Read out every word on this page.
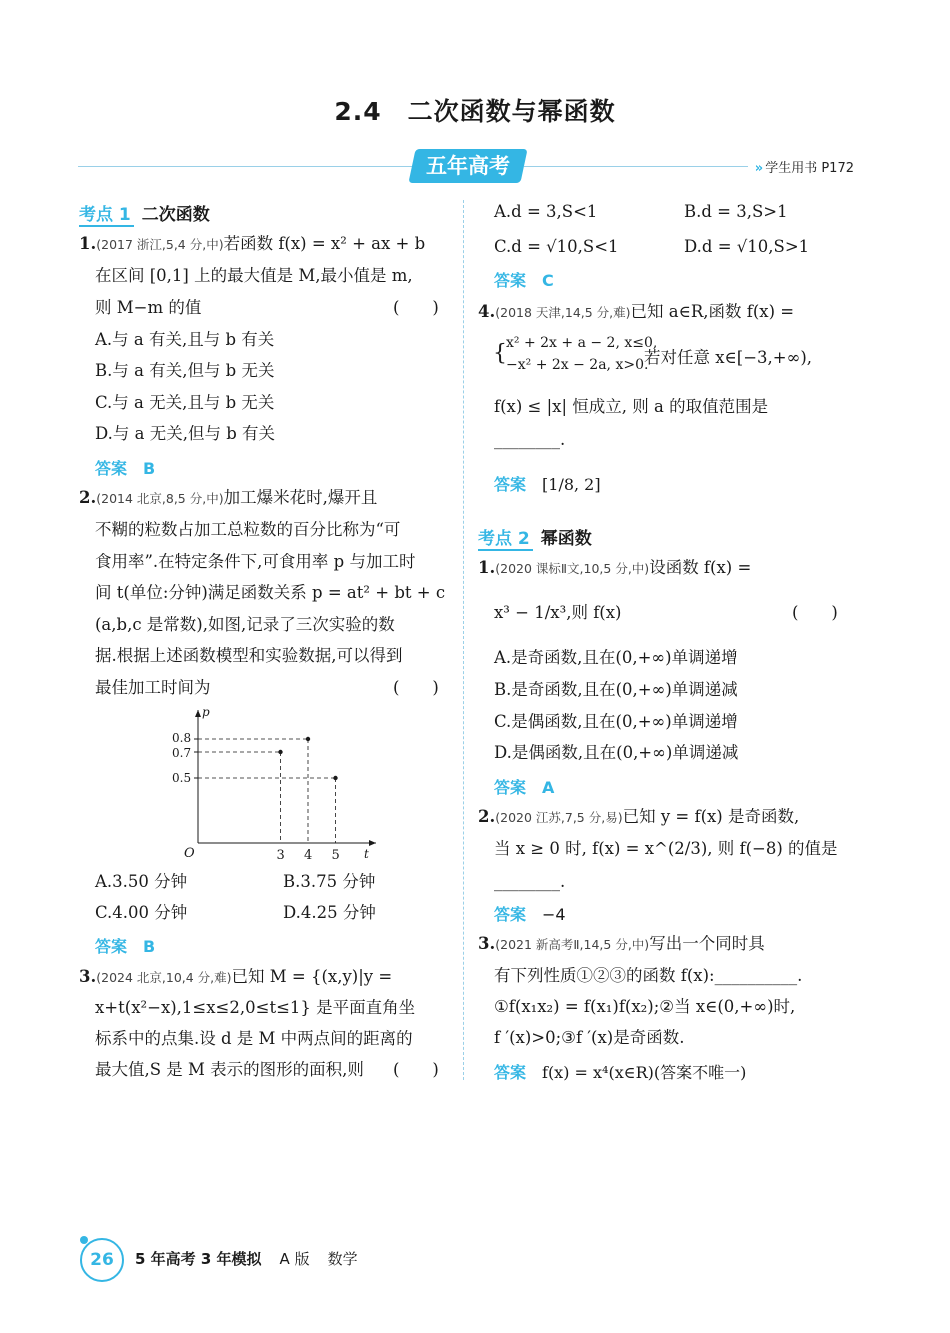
2.4　二次函数与幂函数
五年高考	» 学生用书 P172
考点 1 二次函数
1.(2017 浙江,5,4 分,中)若函数 f(x) = x² + ax + b
在区间 [0,1] 上的最大值是 M,最小值是 m,
则 M−m 的值	(　　)
A.与 a 有关,且与 b 有关
B.与 a 有关,但与 b 无关
C.与 a 无关,且与 b 无关
D.与 a 无关,但与 b 有关
答案 B
2.(2014 北京,8,5 分,中)加工爆米花时,爆开且
不糊的粒数占加工总粒数的百分比称为“可
食用率”.在特定条件下,可食用率 p 与加工时
间 t(单位:分钟)满足函数关系 p = at² + bt + c
(a,b,c 是常数),如图,记录了三次实验的数
据.根据上述函数模型和实验数据,可以得到
最佳加工时间为	(　　)
p
t
O	3 4 5
0.5
0.7
0.8
A.3.50 分钟	B.3.75 分钟
C.4.00 分钟	D.4.25 分钟
答案 B
3.(2024 北京,10,4 分,难)已知 M = {(x,y)|y =
x+t(x²−x),1≤x≤2,0≤t≤1} 是平面直角坐
标系中的点集.设 d 是 M 中两点间的距离的
最大值,S 是 M 表示的图形的面积,则 (　　)
A.d = 3,S<1	B.d = 3,S>1
C.d = √10,S<1	D.d = √10,S>1
答案 C
4.(2018 天津,14,5 分,难)已知 a∈R,函数 f(x) =
{ x² + 2x + a − 2, x≤0,
−x² + 2x − 2a, x>0.
若对任意 x∈[−3,+∞),
f(x) ≤ |x| 恒成立, 则 a 的取值范围是
________.
答案 [1/8, 2]
考点 2 幂函数
1.(2020 课标Ⅱ文,10,5 分,中)设函数 f(x) =
x³ − 1/x³,则 f(x)	(　　)
A.是奇函数,且在(0,+∞)单调递增
B.是奇函数,且在(0,+∞)单调递减
C.是偶函数,且在(0,+∞)单调递增
D.是偶函数,且在(0,+∞)单调递减
答案 A
2.(2020 江苏,7,5 分,易)已知 y = f(x) 是奇函数,
当 x ≥ 0 时, f(x) = x^(2/3), 则 f(−8) 的值是
________.
答案 −4
3.(2021 新高考Ⅱ,14,5 分,中)写出一个同时具
有下列性质①②③的函数 f(x):__________.
①f(x₁x₂) = f(x₁)f(x₂);②当 x∈(0,+∞)时,
f ′(x)>0;③f ′(x)是奇函数.
答案 f(x) = x⁴(x∈R)(答案不唯一)
26	5 年高考 3 年模拟 A 版 数学
